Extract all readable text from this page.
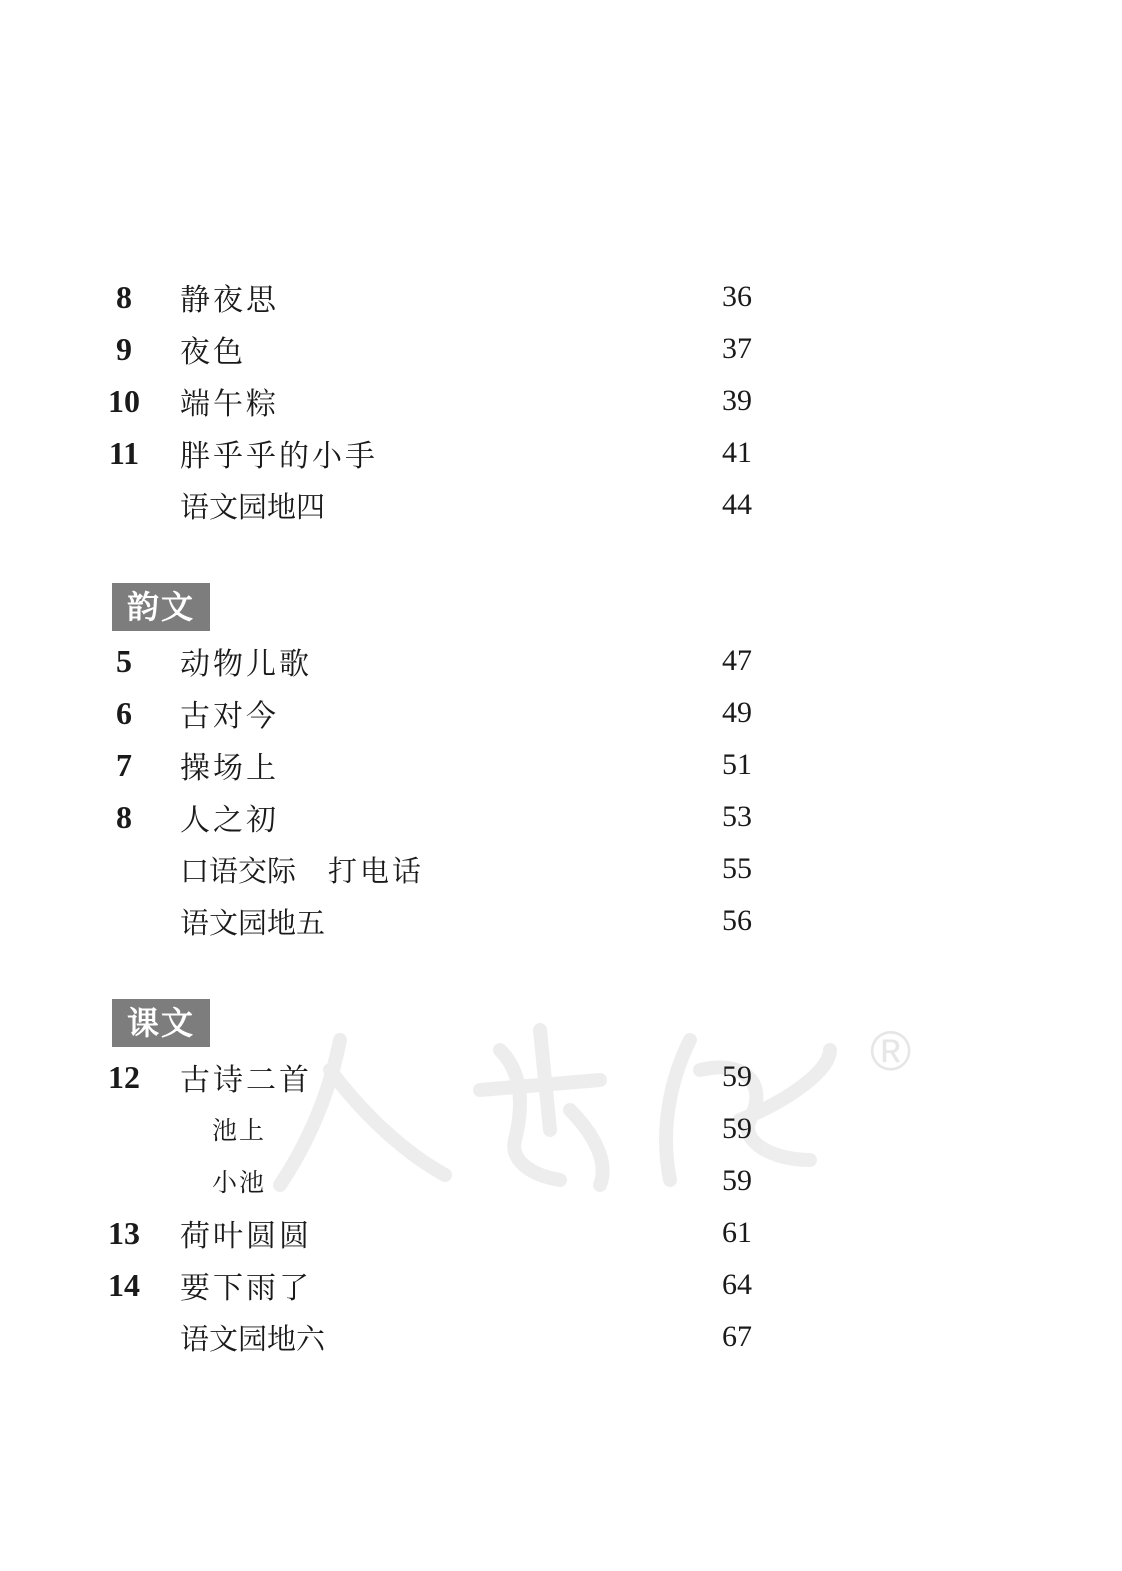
®
8	静夜思	36
9	夜色	37
10 端午粽	39
11 胖乎乎的小手	41
语文园地四	44
韵文
5	动物儿歌	47
6	古对今	49
7	操场上	51
8	人之初	53
口语交际 打电话	55
语文园地五	56
课文
12 古诗二首	59
池上	59
小池	59
13 荷叶圆圆	61
14 要下雨了	64
语文园地六	67
